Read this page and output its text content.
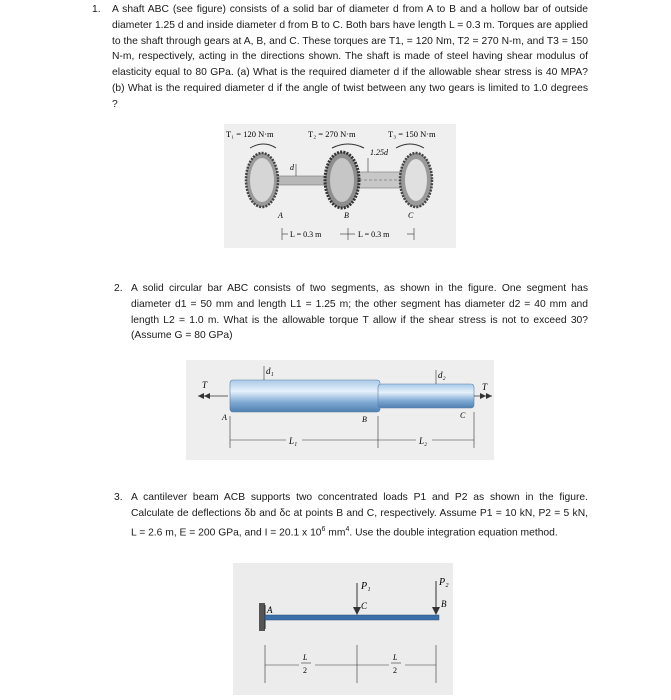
1. A shaft ABC (see figure) consists of a solid bar of diameter d from A to B and a hollow bar of outside diameter 1.25 d and inside diameter d from B to C. Both bars have length L = 0.3 m. Torques are applied to the shaft through gears at A, B, and C. These torques are T1, = 120 Nm, T2 = 270 N-m, and T3 = 150 N-m, respectively, acting in the directions shown. The shaft is made of steel having shear modulus of elasticity equal to 80 GPa. (a) What is the required diameter d if the allowable shear stress is 40 MPA? (b) What is the required diameter d if the angle of twist between any two gears is limited to 1.0 degrees ?
T₁ = 120 N·m	T₂ = 270 N·m	T₃ = 150 N·m
1.25d
d
A	B	C
L = 0.3 m	L = 0.3 m
2. A solid circular bar ABC consists of two segments, as shown in the figure. One segment has diameter d1 = 50 mm and length L1 = 1.25 m; the other segment has diameter d2 = 40 mm and length L2 = 1.0 m. What is the allowable torque T allow if the shear stress is not to exceed 30? (Assume G = 80 GPa)
d₁	d₂
T	T
A	B	C
L₁	L₂
3. A cantilever beam ACB supports two concentrated loads P1 and P2 as shown in the figure. Calculate de deflections δb and δc at points B and C, respectively. Assume P1 = 10 kN, P2 = 5 kN, L = 2.6 m, E = 200 GPa, and I = 20.1 x $10^6$ $mm^4$. Use the double integration equation method.
A
P₁
C
P₂
B
L
2
L
2
